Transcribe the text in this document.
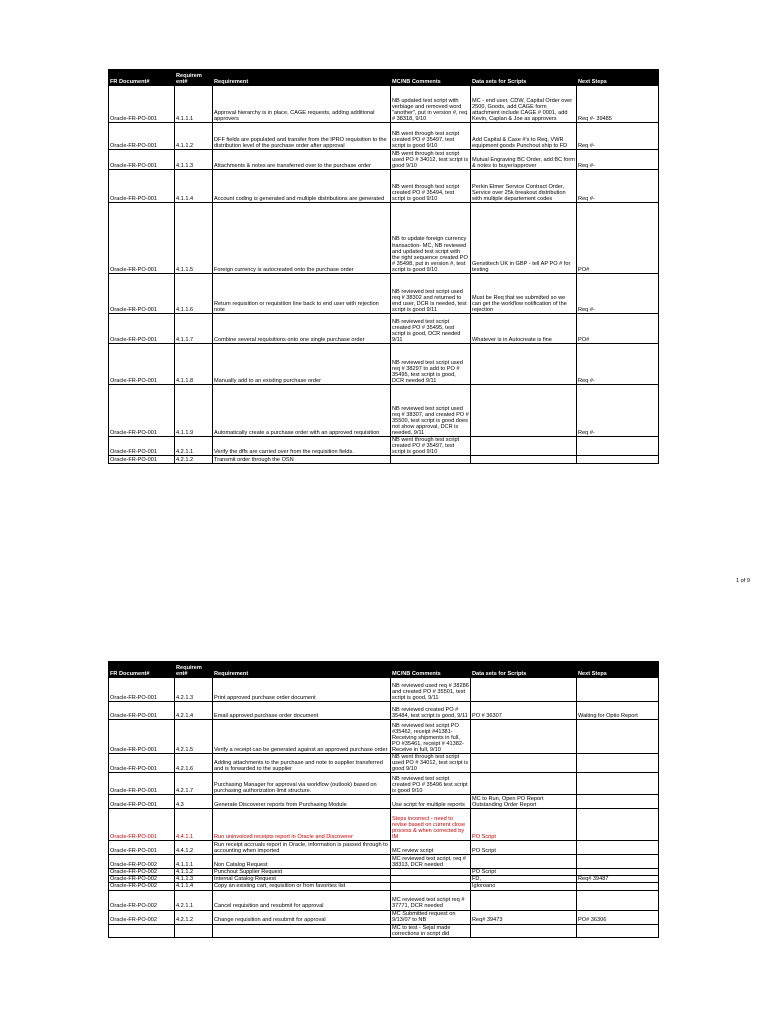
FR Document#	Requirem ent#	Requirement	MC/NB Comments	Data sets for Scripts	Next Steps
Oracle-FR-PO-001	4.1.1.1	Approval hierarchy is in place, CAGE requests, adding additional approvers	NB updated test script with verbiage and removed word "another", put in version #, req # 38318, 9/10	MC - end user, CDW, Capital Order over 2500, Goods, add CAGE form attachment include CAGE # 0001, add Kevin, Caplan & Joe as approvers	Req #- 39485
Oracle-FR-PO-001	4.1.1.2	DFF fields are populated and transfer from the IPRO requisition to the distribution level of the purchase order after approval	NB went through test script created PO # 35497, test script is good 9/10	Add Capital & Case #'s to Req, VWR equipment goods Punchout ship to FD	Req #-
Oracle-FR-PO-001	4.1.1.3	Attachments & notes are transferred over to the purchase order	NB went through test script used PO # 34012, test script is good 9/10	Mutual Engraving BC Order, add BC form & notes to buyer/approver	Req #-
Oracle-FR-PO-001	4.1.1.4	Account coding is generated and multiple distributions are generated	NB went through test script created PO # 35494, test script is good 9/10	Perkin Elmer Service Contract Order, Service over 25k breakout distribution with multiple departement codes	Req #-
Oracle-FR-PO-001	4.1.1.5	Foreign currency is autocreated onto the purchase order	NB to update foreign currency transaction- MC, NB reviewed and updated test script with the right sequence created PO # 35498, put in version #, test script is good 9/10	Genstitech UK in GBP - tell AP PO # for testing	PO#
Oracle-FR-PO-001	4.1.1.6	Return requisition or requisition line back to end user with rejection note	NB reviewed test script used req # 38302 and returned to end user, DCR is needed, test script is good 9/11	Must be Req that we submitted so we can get the workflow notification of the rejection	Req #-
Oracle-FR-PO-001	4.1.1.7	Combine several requisitions onto one single purchase order	NB reviewed test script created PO # 35495, test script is good, DCR needed 9/11	Whatever is in Autocreate is fine	PO#
Oracle-FR-PO-001	4.1.1.8	Manually add to an existing purchase order	NB reviewed test script used req # 38297 to add to PO # 35495, test script is good, DCR needed 9/11		Req #-
Oracle-FR-PO-001	4.1.1.9	Automatically create a purchase order with an approved requisition	NB reviewed test script used req # 38307, and created PO # 35500, test script is good does not show approval, DCR is needed, 9/11		Req #-
Oracle-FR-PO-001	4.2.1.1	Verify the dffs are carried over from the requisition fields.	NB went through test script created PO # 35497, test script is good 9/10		
Oracle-FR-PO-001	4.2.1.2	Transmit order through the OSN			
1 of 9
FR Document#	Requirem ent#	Requirement	MC/NB Comments	Data sets for Scripts	Next Steps
Oracle-FR-PO-001	4.2.1.3	Print approved purchase order document	NB reviewed used req # 38286 and created PO # 35501, test script is good, 9/11		
Oracle-FR-PO-001	4.2.1.4	Email approved purchase order document	NB reviewed created PO # 35484, test script is good, 9/11	PO # 36307	Waiting for Optio Report
Oracle-FR-PO-001	4.2.1.5	Verify a receipt can be generated against an approved purchase order	NB reviewed test script PO #35462, receipt #41381-Receiving shipments in full, PO #35461, receipt # 41382-Receive in full, 9/10		
Oracle-FR-PO-001	4.2.1.6	Adding attachments to the purchase and note to supplier transferred and is forwarded to the supplier	NB went through test script used PO # 34012, test script is good 9/10		
Oracle-FR-PO-001	4.2.1.7	Purchasing Manager for approval via workflow (outlook) based on purchasing authorization limit structure.	NB reviewed test script created PO # 35496 test script is good 9/10		
Oracle-FR-PO-001	4.3	Generate Discoverer reports from Purchasing Module	Use script for multiple reports	MC to Run, Open PO Report Outstanding Order Report	
Oracle-FR-PO-001	4.4.1.1	Run uninvoiced receipts report in Oracle and Discoverer	Steps incorrect - need to revise based on current close process & when corrected by IM	PO Script	
Oracle-FR-PO-001	4.4.1.2	Run receipt accruals report in Oracle, information is passed through to accounting when imported	MC review script	PO Script	
Oracle-FR-PO-002	4.1.1.1	Non Catalog Request	MC reviewed test script, req # 38313, DCR needed		
Oracle-FR-PO-002	4.1.1.2	Punchout Supplier Request		PO Script	
Oracle-FR-PO-002	4.1.1.3	Internal Catalog Request		FD,	Req# 39487
Oracle-FR-PO-002	4.1.1.4	Copy an existing cart, requisition or from favorites list		Igloroano	
Oracle-FR-PO-002	4.2.1.1	Cancel requisition and resubmit for approval	MC reviewed test script req # 37771, DCR needed		
Oracle-FR-PO-002	4.2.1.2	Change requisition and resubmit for approval	MC Submitted request on 9/13/07 to NB	Req# 39473	PO# 36306
			MC to test - Sejal made corrections in script did		
